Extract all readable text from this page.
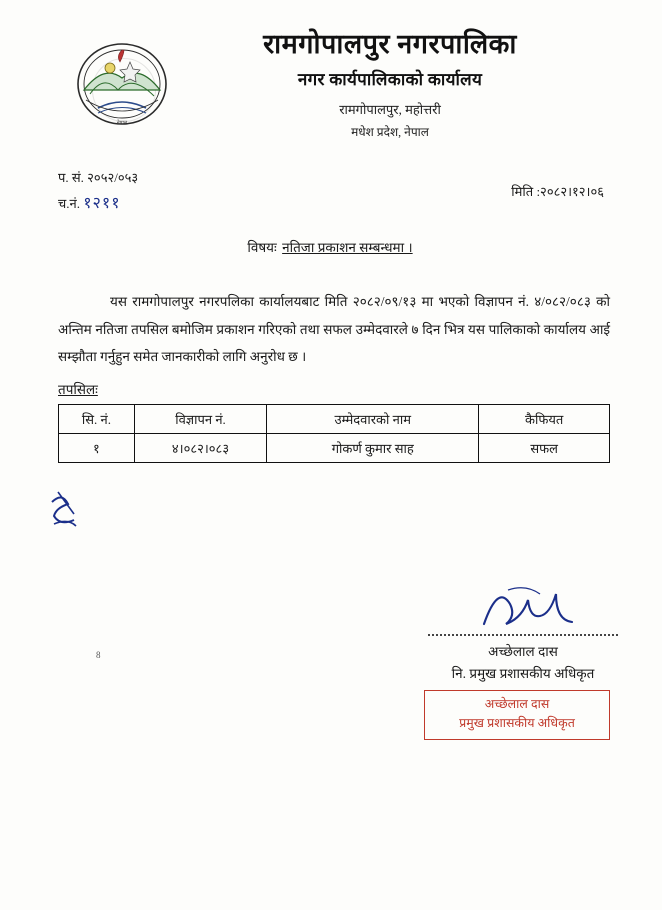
नेपाल
रामगोपालपुर नगरपालिका
नगर कार्यपालिकाको कार्यालय
रामगोपालपुर, महोत्तरी
मधेश प्रदेश, नेपाल
प. सं. २०५२/०५३
च.नं. १२११
मिति :२०८२।१२।०६
विषयः नतिजा प्रकाशन सम्बन्धमा ।
यस रामगोपालपुर नगरपलिका कार्यालयबाट मिति २०८२/०९/१३ मा भएको विज्ञापन नं. ४/०८२/०८३ को अन्तिम नतिजा तपसिल बमोजिम प्रकाशन गरिएको तथा सफल उम्मेदवारले ७ दिन भित्र यस पालिकाको कार्यालय आई सम्झौता गर्नुहुन समेत जानकारीको लागि अनुरोध छ ।
तपसिलः
सि. नं.	विज्ञापन नं.	उम्मेदवारको नाम	कैफियत
१	४।०८२।०८३	गोकर्ण कुमार साह	सफल
अच्छेलाल दास
नि. प्रमुख प्रशासकीय अधिकृत
अच्छेलाल दास
प्रमुख प्रशासकीय अधिकृत
8
